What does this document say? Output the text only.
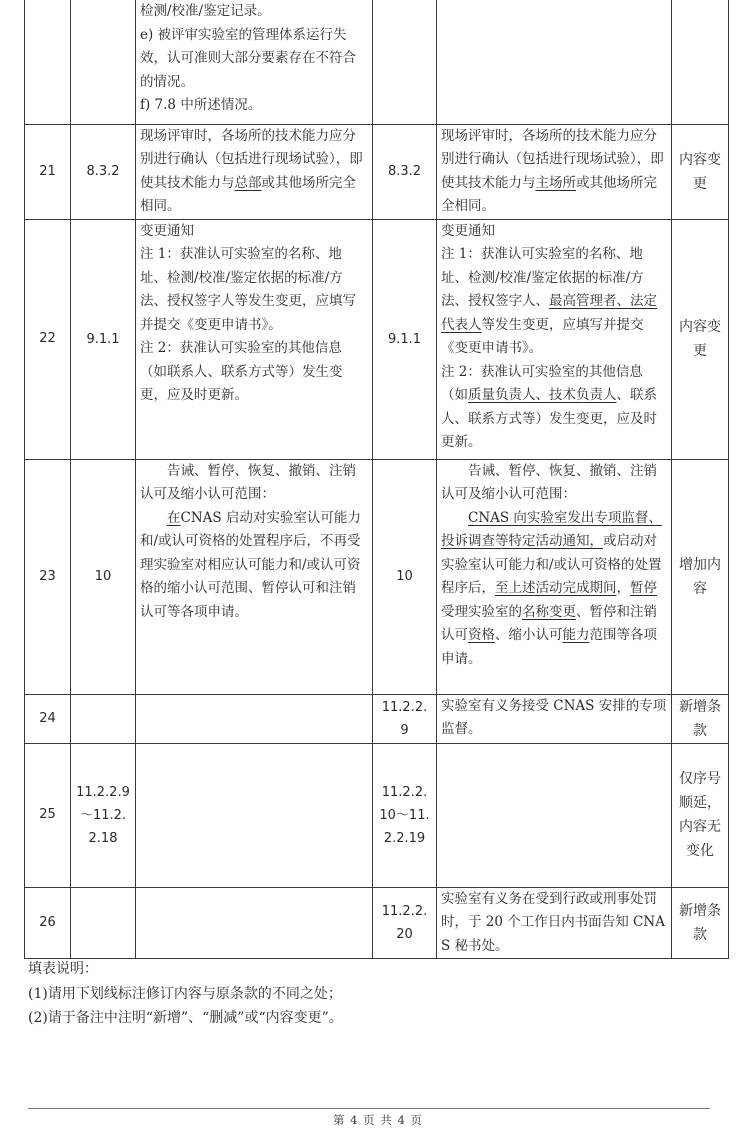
		检测/校准/鉴定记录。
e) 被评审实验室的管理体系运行失效，认可准则大部分要素存在不符合的情况。
f) 7.8 中所述情况。			

21	8.3.2	现场评审时，各场所的技术能力应分别进行确认（包括进行现场试验），即使其技术能力与总部或其他场所完全相同。	8.3.2	现场评审时，各场所的技术能力应分别进行确认（包括进行现场试验），即使其技术能力与主场所或其他场所完全相同。	内容变更
22	9.1.1	变更通知
注 1：获准认可实验室的名称、地址、检测/校准/鉴定依据的标准/方法、授权签字人等发生变更，应填写并提交《变更申请书》。
注 2：获准认可实验室的其他信息（如联系人、联系方式等）发生变更，应及时更新。	9.1.1	变更通知
注 1：获准认可实验室的名称、地址、检测/校准/鉴定依据的标准/方法、授权签字人、最高管理者、法定代表人等发生变更，应填写并提交《变更申请书》。
注 2：获准认可实验室的其他信息（如质量负责人、技术负责人、联系人、联系方式等）发生变更，应及时更新。	内容变更
23	10	告诫、暂停、恢复、撤销、注销认可及缩小认可范围：
在CNAS 启动对实验室认可能力和/或认可资格的处置程序后，不再受理实验室对相应认可能力和/或认可资格的缩小认可范围、暂停认可和注销认可等各项申请。	10	告诫、暂停、恢复、撤销、注销认可及缩小认可范围：
CNAS 向实验室发出专项监督、投诉调查等特定活动通知，或启动对实验室认可能力和/或认可资格的处置程序后，至上述活动完成期间，暂停受理实验室的名称变更、暂停和注销认可资格、缩小认可能力范围等各项申请。	增加内容
24			11.2.2.9	实验室有义务接受 CNAS 安排的专项监督。	新增条款
25	11.2.2.9～11.2.2.18		11.2.2.10～11.2.2.19		仅序号顺延，内容无变化
26			11.2.2.20	实验室有义务在受到行政或刑事处罚时，于 20 个工作日内书面告知 CNAS 秘书处。	新增条款
填表说明：
(1)请用下划线标注修订内容与原条款的不同之处；
(2)请于备注中注明“新增”、“删减”或“内容变更”。
第 4 页 共 4 页
